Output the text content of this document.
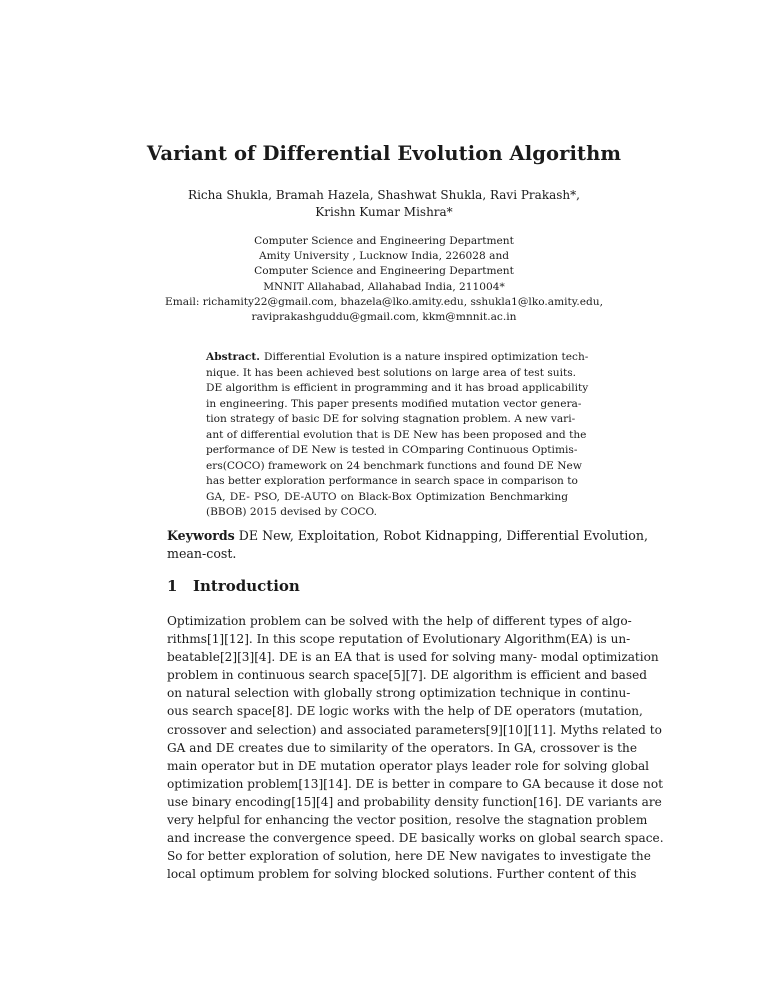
Variant of Differential Evolution Algorithm
Richa Shukla, Bramah Hazela, Shashwat Shukla, Ravi Prakash*,
Krishn Kumar Mishra*
Computer Science and Engineering Department
Amity University , Lucknow India, 226028 and
Computer Science and Engineering Department
MNNIT Allahabad, Allahabad India, 211004*
Email: richamity22@gmail.com, bhazela@lko.amity.edu, sshukla1@lko.amity.edu,
raviprakashguddu@gmail.com, kkm@mnnit.ac.in
Abstract. Differential Evolution is a nature inspired optimization tech-
nique. It has been achieved best solutions on large area of test suits.
DE algorithm is efficient in programming and it has broad applicability
in engineering. This paper presents modified mutation vector genera-
tion strategy of basic DE for solving stagnation problem. A new vari-
ant of differential evolution that is DE New has been proposed and the
performance of DE New is tested in COmparing Continuous Optimis-
ers(COCO) framework on 24 benchmark functions and found DE New
has better exploration performance in search space in comparison to
GA, DE- PSO, DE-AUTO on Black-Box Optimization Benchmarking
(BBOB) 2015 devised by COCO.
Keywords DE New, Exploitation, Robot Kidnapping, Differential Evolution,
mean-cost.
1 Introduction
Optimization problem can be solved with the help of different types of algo-
rithms[1][12]. In this scope reputation of Evolutionary Algorithm(EA) is un-
beatable[2][3][4]. DE is an EA that is used for solving many- modal optimization
problem in continuous search space[5][7]. DE algorithm is efficient and based
on natural selection with globally strong optimization technique in continu-
ous search space[8]. DE logic works with the help of DE operators (mutation,
crossover and selection) and associated parameters[9][10][11]. Myths related to
GA and DE creates due to similarity of the operators. In GA, crossover is the
main operator but in DE mutation operator plays leader role for solving global
optimization problem[13][14]. DE is better in compare to GA because it dose not
use binary encoding[15][4] and probability density function[16]. DE variants are
very helpful for enhancing the vector position, resolve the stagnation problem
and increase the convergence speed. DE basically works on global search space.
So for better exploration of solution, here DE New navigates to investigate the
local optimum problem for solving blocked solutions. Further content of this
